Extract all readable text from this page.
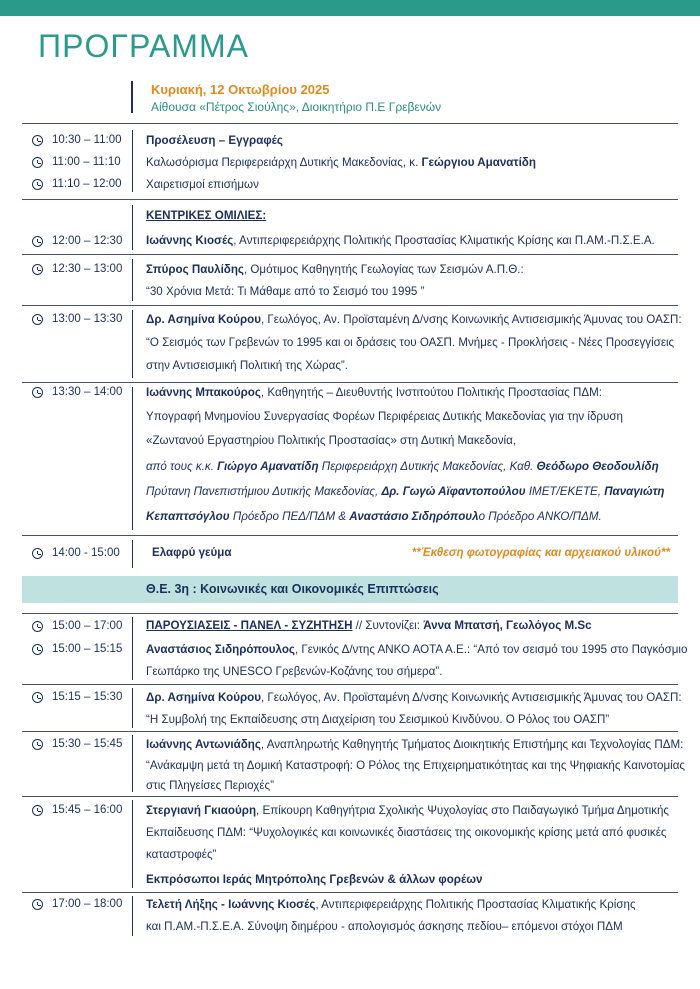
ΠΡΟΓΡΑΜΜΑ
Κυριακή, 12 Οκτωβρίου 2025
Αίθουσα «Πέτρος Σιούλης», Διοικητήριο Π.Ε Γρεβενών
10:30 – 11:00 Προσέλευση – Εγγραφές
11:00 – 11:10 Καλωσόρισμα Περιφερειάρχη Δυτικής Μακεδονίας, κ. Γεώργιου Αμανατίδη
11:10 – 12:00 Χαιρετισμοί επισήμων
ΚΕΝΤΡΙΚΕΣ ΟΜΙΛΙΕΣ:
12:00 – 12:30 Ιωάννης Κιοσές, Αντιπεριφερειάρχης Πολιτικής Προστασίας Κλιματικής Κρίσης και Π.ΑΜ.-Π.Σ.Ε.Α.
12:30 – 13:00 Σπύρος Παυλίδης, Ομότιμος Καθηγητής Γεωλογίας των Σεισμών Α.Π.Θ.:
“30 Χρόνια Μετά: Τι Μάθαμε από το Σεισμό του 1995 ”
13:00 – 13:30 Δρ. Ασημίνα Κούρου, Γεωλόγος, Αν. Προϊσταμένη Δ/νσης Κοινωνικής Αντισεισμικής Άμυνας του ΟΑΣΠ:
“Ο Σεισμός των Γρεβενών το 1995 και οι δράσεις του ΟΑΣΠ. Μνήμες - Προκλήσεις - Νέες Προσεγγίσεις
στην Αντισεισμική Πολιτική της Χώρας”.
13:30 – 14:00 Ιωάννης Μπακούρος, Καθηγητής – Διευθυντής Ινστιτούτου Πολιτικής Προστασίας ΠΔΜ:
Υπογραφή Μνημονίου Συνεργασίας Φορέων Περιφέρειας Δυτικής Μακεδονίας για την ίδρυση
«Ζωντανού Εργαστηρίου Πολιτικής Προστασίας» στη Δυτική Μακεδονία,
από τους κ.κ. Γιώργο Αμανατίδη Περιφερειάρχη Δυτικής Μακεδονίας, Καθ. Θεόδωρο Θεοδουλίδη
Πρύτανη Πανεπιστήμιου Δυτικής Μακεδονίας, Δρ. Γωγώ Αϊφαντοπούλου ΙΜΕΤ/ΕΚΕΤΕ, Παναγιώτη
Κεπαπτσόγλου Πρόεδρο ΠΕΔ/ΠΔΜ & Αναστάσιο Σιδηρόπουλο Πρόεδρο ΑΝΚΟ/ΠΔΜ.
14:00 - 15:00	Ελαφρύ γεύμα	**Έκθεση φωτογραφίας και αρχειακού υλικού**
Θ.Ε. 3η : Κοινωνικές και Οικονομικές Επιπτώσεις
15:00 – 17:00 ΠΑΡΟΥΣΙΑΣΕΙΣ - ΠΑΝΕΛ - ΣΥΖΗΤΗΣΗ // Συντονίζει: Άννα Μπατσή, Γεωλόγος M.Sc
15:00 – 15:15 Αναστάσιος Σιδηρόπουλος, Γενικός Δ/ντης ΑΝΚΟ ΑΟΤΑ Α.Ε.: “Από τον σεισμό του 1995 στο Παγκόσμιο
Γεωπάρκο της UNESCO Γρεβενών-Κοζάνης του σήμερα”.
15:15 – 15:30 Δρ. Ασημίνα Κούρου, Γεωλόγος, Αν. Προϊσταμένη Δ/νσης Κοινωνικής Αντισεισμικής Άμυνας του ΟΑΣΠ:
“Η Συμβολή της Εκπαίδευσης στη Διαχείριση του Σεισμικού Κινδύνου. Ο Ρόλος του ΟΑΣΠ”
15:30 – 15:45 Ιωάννης Αντωνιάδης, Αναπληρωτής Καθηγητής Τμήματος Διοικητικής Επιστήμης και Τεχνολογίας ΠΔΜ:
“Ανάκαμψη μετά τη Δομική Καταστροφή: Ο Ρόλος της Επιχειρηματικότητας και της Ψηφιακής Καινοτομίας
στις Πληγείσες Περιοχές”
15:45 – 16:00 Στεργιανή Γκιαούρη, Επίκουρη Καθηγήτρια Σχολικής Ψυχολογίας στο Παιδαγωγικό Τμήμα Δημοτικής
Εκπαίδευσης ΠΔΜ: “Ψυχολογικές και κοινωνικές διαστάσεις της οικονομικής κρίσης μετά από φυσικές
καταστροφές”
Εκπρόσωποι Ιεράς Μητρόπολης Γρεβενών & άλλων φορέων
17:00 – 18:00 Τελετή Λήξης - Ιωάννης Κιοσές, Αντιπεριφερειάρχης Πολιτικής Προστασίας Κλιματικής Κρίσης
και Π.ΑΜ.-Π.Σ.Ε.Α. Σύνοψη διημέρου - απολογισμός άσκησης πεδίου– επόμενοι στόχοι ΠΔΜ
